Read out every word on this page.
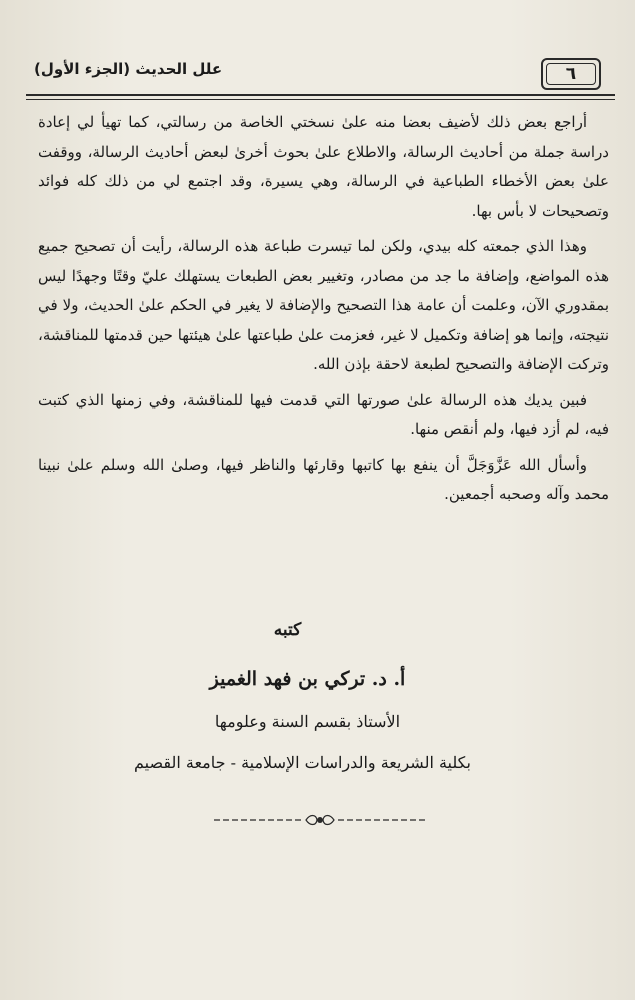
٦
علل الحديث (الجزء الأول)

أراجع بعض ذلك لأضيف بعضا منه علىٰ نسختي الخاصة من رسالتي، كما تهيأ لي إعادة دراسة جملة من أحاديث الرسالة، والاطلاع علىٰ بحوث أخرىٰ لبعض أحاديث الرسالة، ووقفت علىٰ بعض الأخطاء الطباعية في الرسالة، وهي يسيرة، وقد اجتمع لي من ذلك كله فوائد وتصحيحات لا بأس بها.

وهذا الذي جمعته كله بيدي، ولكن لما تيسرت طباعة هذه الرسالة، رأيت أن تصحيح جميع هذه المواضع، وإضافة ما جد من مصادر، وتغيير بعض الطبعات يستهلك عليّ وقتًا وجهدًا ليس بمقدوري الآن، وعلمت أن عامة هذا التصحيح والإضافة لا يغير في الحكم علىٰ الحديث، ولا في نتيجته، وإنما هو إضافة وتكميل لا غير، فعزمت علىٰ طباعتها علىٰ هيئتها حين قدمتها للمناقشة، وتركت الإضافة والتصحيح لطبعة لاحقة بإذن الله.

فبين يديك هذه الرسالة علىٰ صورتها التي قدمت فيها للمناقشة، وفي زمنها الذي كتبت فيه، لم أزد فيها، ولم أنقص منها.

وأسأل الله عَزَّوَجَلَّ أن ينفع بها كاتبها وقارئها والناظر فيها، وصلىٰ الله وسلم علىٰ نبينا محمد وآله وصحبه أجمعين.

كتبه
أ. د. تركي بن فهد الغميز
الأستاذ بقسم السنة وعلومها
بكلية الشريعة والدراسات الإسلامية - جامعة القصيم
